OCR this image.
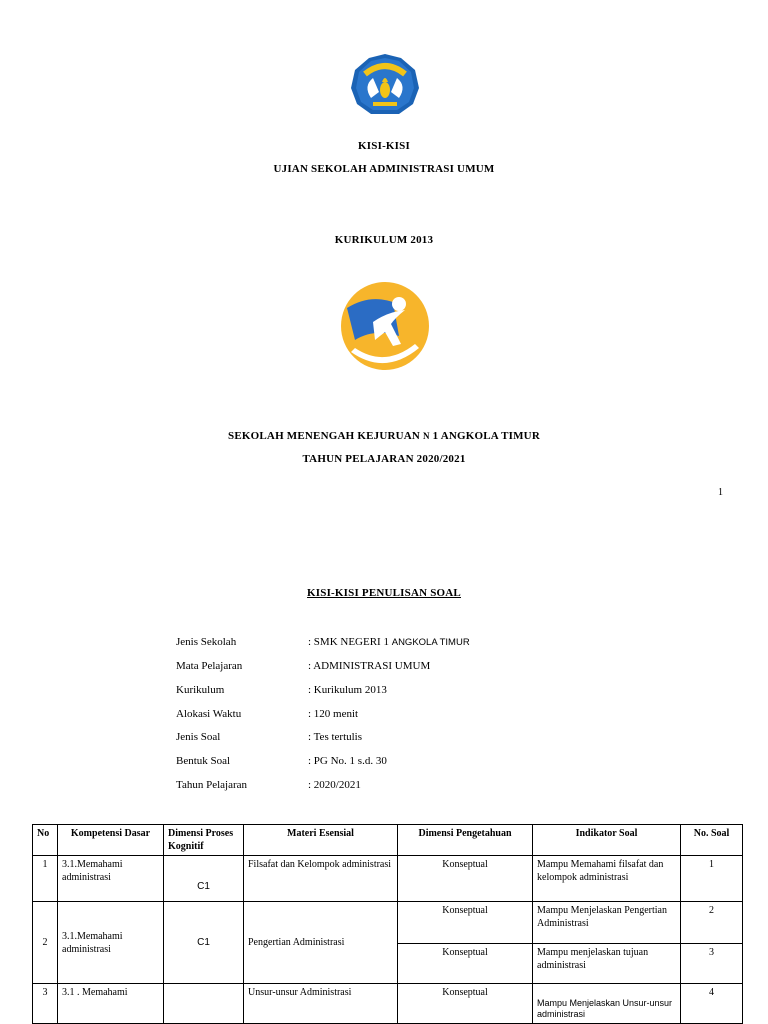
KISI-KISI
UJIAN SEKOLAH ADMINISTRASI UMUM
KURIKULUM 2013
SEKOLAH MENENGAH KEJURUAN N 1 ANGKOLA TIMUR
TAHUN PELAJARAN 2020/2021
1
KISI-KISI PENULISAN SOAL
Jenis Sekolah	: SMK NEGERI 1 ANGKOLA TIMUR
Mata Pelajaran	: ADMINISTRASI UMUM
Kurikulum	: Kurikulum 2013
Alokasi Waktu	: 120 menit
Jenis Soal	: Tes tertulis
Bentuk Soal	: PG No. 1 s.d. 30
Tahun Pelajaran	: 2020/2021
No	Kompetensi Dasar	Dimensi Proses Kognitif	Materi Esensial	Dimensi Pengetahuan	Indikator Soal	No. Soal
1	3.1.Memahami administrasi	C1	Filsafat dan Kelompok administrasi	Konseptual	Mampu Memahami filsafat dan kelompok administrasi	1
2	3.1.Memahami administrasi	C1	Pengertian Administrasi	Konseptual	Mampu Menjelaskan Pengertian Administrasi	2
				Konseptual	Mampu menjelaskan tujuan administrasi	3
3	3.1 . Memahami		Unsur-unsur Administrasi	Konseptual	Mampu Menjelaskan Unsur-unsur administrasi	4
